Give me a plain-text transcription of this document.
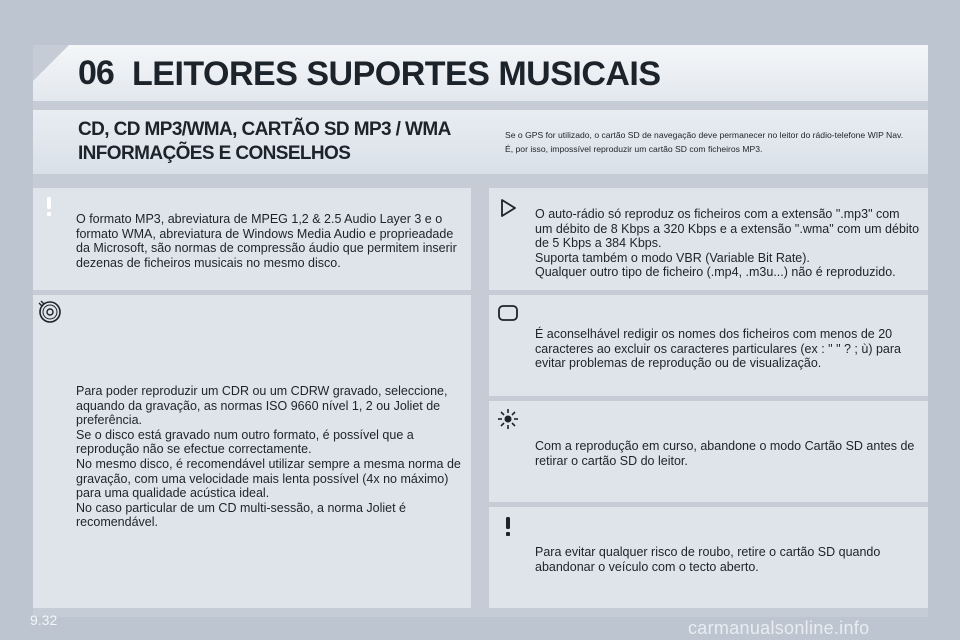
06 LEITORES SUPORTES MUSICAIS
CD, CD MP3/WMA, CARTÃO SD MP3 / WMA
INFORMAÇÕES E CONSELHOS
Se o GPS for utilizado, o cartão SD de navegação deve permanecer no leitor do rádio-telefone WIP Nav.
É, por isso, impossível reproduzir um cartão SD com ficheiros MP3.
O formato MP3, abreviatura de MPEG 1,2 & 2.5 Audio Layer 3 e o formato WMA, abreviatura de Windows Media Audio e proprieadade da Microsoft, são normas de compressão áudio que permitem inserir dezenas de ficheiros musicais no mesmo disco.
Para poder reproduzir um CDR ou um CDRW gravado, seleccione, aquando da gravação, as normas ISO 9660 nível 1, 2 ou Joliet de preferência.
Se o disco está gravado num outro formato, é possível que a reprodução não se efectue correctamente.
No mesmo disco, é recomendável utilizar sempre a mesma norma de gravação, com uma velocidade mais lenta possível (4x no máximo) para uma qualidade acústica ideal.
No caso particular de um CD multi-sessão, a norma Joliet é recomendável.
O auto-rádio só reproduz os ficheiros com a extensão ".mp3" com um débito de 8 Kbps a 320 Kbps e a extensão ".wma" com um débito de 5 Kbps a 384 Kbps.
Suporta também o modo VBR (Variable Bit Rate).
Qualquer outro tipo de ficheiro (.mp4, .m3u...) não é reproduzido.
É aconselhável redigir os nomes dos ficheiros com menos de 20 caracteres ao excluir os caracteres particulares (ex : " " ? ; ù) para evitar problemas de reprodução ou de visualização.
Com a reprodução em curso, abandone o modo Cartão SD antes de retirar o cartão SD do leitor.
Para evitar qualquer risco de roubo, retire o cartão SD quando abandonar o veículo com o tecto aberto.
9.32	carmanualsonline.info
